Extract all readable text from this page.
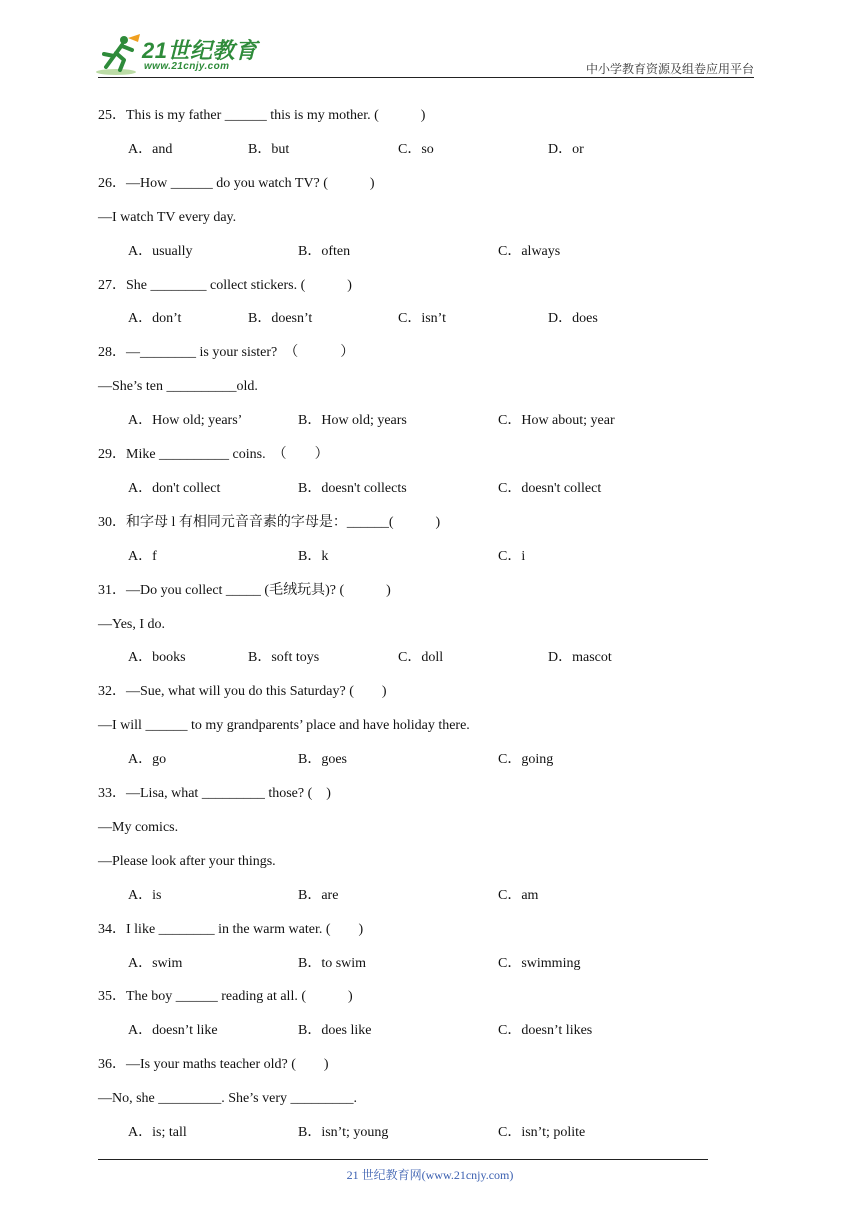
21世纪教育
www.21cnjy.com	中小学教育资源及组卷应用平台
25．This is my father ______ this is my mother. (　　　)
A．and	B．but	C．so	D．or
26．—How ______ do you watch TV? (　　　)
—I watch TV every day.
A．usually	B．often	C．always
27．She ________ collect stickers. (　　　)
A．don’t	B．doesn’t	C．isn’t	D．does
28．—________ is your sister?　（　　　）
—She’s ten __________old.
A．How old; years’	B．How old; years	C．How about; year
29．Mike __________ coins.　（　　）
A．don't collect	B．doesn't collects	C．doesn't collect
30．和字母 l 有相同元音音素的字母是：______(　　　)
A．f	B．k	C．i
31．—Do you collect _____ (毛绒玩具)? (　　　)
—Yes, I do.
A．books	B．soft toys	C．doll	D．mascot
32．—Sue, what will you do this Saturday? (　　)
—I will ______ to my grandparents’ place and have holiday there.
A．go	B．goes	C．going
33．—Lisa, what _________ those? (　)
—My comics.
—Please look after your things.
A．is	B．are	C．am
34．I like ________ in the warm water. (　　)
A．swim	B．to swim	C．swimming
35．The boy ______ reading at all. (　　　)
A．doesn’t like	B．does like	C．doesn’t likes
36．—Is your maths teacher old? (　　)
—No, she _________. She’s very _________.
A．is; tall	B．isn’t; young	C．isn’t; polite
21 世纪教育网(www.21cnjy.com)
